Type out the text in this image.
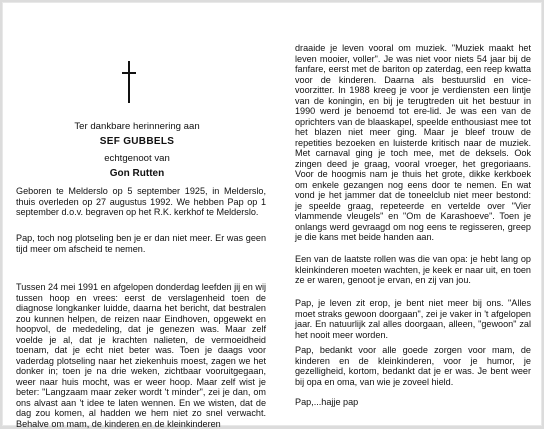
Ter dankbare herinnering aan
SEF GUBBELS
echtgenoot van
Gon Rutten

Geboren te Melderslo op 5 september 1925, in Melderslo, thuis overleden op 27 augustus 1992. We hebben Pap op 1 september d.o.v. begraven op het R.K. kerkhof te Melderslo.

Pap, toch nog plotseling ben je er dan niet meer. Er was geen tijd meer om afscheid te nemen.

Tussen 24 mei 1991 en afgelopen donderdag leefden jij en wij tussen hoop en vrees: eerst de verslagenheid toen de diagnose longkanker luidde, daarna het bericht, dat bestralen zou kunnen helpen, de reizen naar Eindhoven, opgewekt en hoopvol, de mededeling, dat je genezen was. Maar zelf voelde je al, dat je krachten nalieten, de vermoeidheid toenam, dat je echt niet beter was. Toen je daags voor vaderdag plotseling naar het ziekenhuis moest, zagen we het donker in; toen je na drie weken, zichtbaar vooruitgegaan, weer naar huis mocht, was er weer hoop. Maar zelf wist je beter: "Langzaam maar zeker wordt 't minder", zei je dan, om ons alvast aan 't idee te laten wennen. En we wisten, dat de dag zou komen, al hadden we hem niet zo snel verwacht. Behalve om mam, de kinderen en de kleinkinderen

draaide je leven vooral om muziek. "Muziek maakt het leven mooier, voller". Je was niet voor niets 54 jaar bij de fanfare, eerst met de bariton op zaterdag, een reep kwatta voor de kinderen. Daarna als bestuurslid en vice-voorzitter. In 1988 kreeg je voor je verdiensten een lintje van de koningin, en bij je terugtreden uit het bestuur in 1990 werd je benoemd tot ere-lid. Je was een van de oprichters van de blaaskapel, speelde enthousiast mee tot het blazen niet meer ging. Maar je bleef trouw de repetities bezoeken en luisterde kritisch naar de muziek. Met carnaval ging je toch mee, met de deksels. Ook zingen deed je graag, vooral vroeger, het gregoriaans. Voor de hoogmis nam je thuis het grote, dikke kerkboek om enkele gezangen nog eens door te nemen. En wat vond je het jammer dat de toneelclub niet meer bestond: je speelde graag, repeteerde en vertelde over "Vier vlammende vleugels" en "Om de Karashoeve". Toen je onlangs werd gevraagd om nog eens te regisseren, greep je die kans met beide handen aan.

Een van de laatste rollen was die van opa: je hebt lang op kleinkinderen moeten wachten, je keek er naar uit, en toen ze er waren, genoot je ervan, en zij van jou.

Pap, je leven zit erop, je bent niet meer bij ons. "Alles moet straks gewoon doorgaan", zei je vaker in 't afgelopen jaar. En natuurlijk zal alles doorgaan, alleen, "gewoon" zal het nooit meer worden.

Pap, bedankt voor alle goede zorgen voor mam, de kinderen en de kleinkinderen, voor je humor, je gezelligheid, kortom, bedankt dat je er was. Je bent weer bij opa en oma, van wie je zoveel hield.

Pap,...hajje pap
